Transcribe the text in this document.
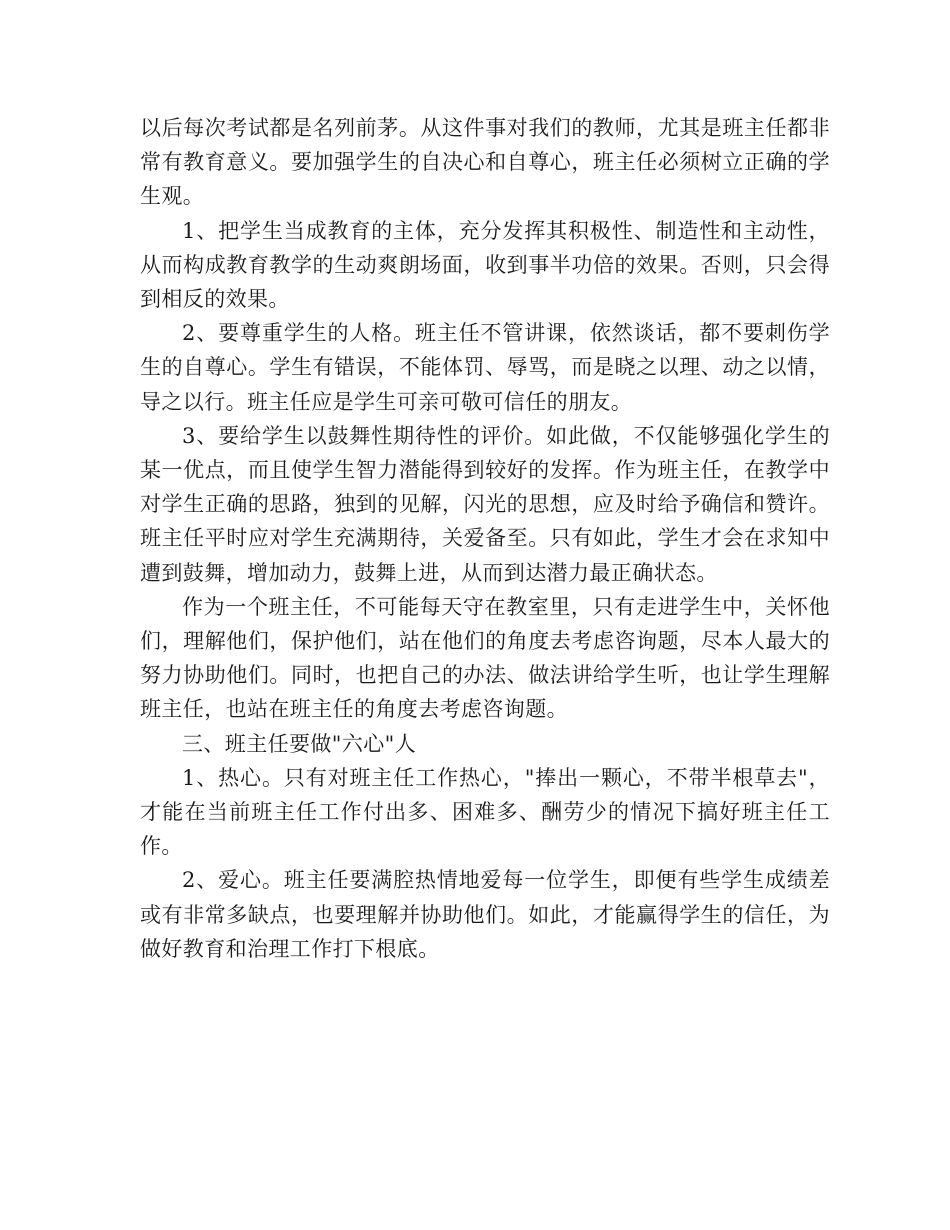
以后每次考试都是名列前茅。从这件事对我们的教师，尤其是班主任都非常有教育意义。要加强学生的自决心和自尊心，班主任必须树立正确的学生观。

1、把学生当成教育的主体，充分发挥其积极性、制造性和主动性，从而构成教育教学的生动爽朗场面，收到事半功倍的效果。否则，只会得到相反的效果。

2、要尊重学生的人格。班主任不管讲课，依然谈话，都不要刺伤学生的自尊心。学生有错误，不能体罚、辱骂，而是晓之以理、动之以情，导之以行。班主任应是学生可亲可敬可信任的朋友。

3、要给学生以鼓舞性期待性的评价。如此做，不仅能够强化学生的某一优点，而且使学生智力潜能得到较好的发挥。作为班主任，在教学中对学生正确的思路，独到的见解，闪光的思想，应及时给予确信和赞许。班主任平时应对学生充满期待，关爱备至。只有如此，学生才会在求知中遭到鼓舞，增加动力，鼓舞上进，从而到达潜力最正确状态。

作为一个班主任，不可能每天守在教室里，只有走进学生中，关怀他们，理解他们，保护他们，站在他们的角度去考虑咨询题，尽本人最大的努力协助他们。同时，也把自己的办法、做法讲给学生听，也让学生理解班主任，也站在班主任的角度去考虑咨询题。

三、班主任要做"六心"人

1、热心。只有对班主任工作热心，"捧出一颗心，不带半根草去"，才能在当前班主任工作付出多、困难多、酬劳少的情况下搞好班主任工作。

2、爱心。班主任要满腔热情地爱每一位学生，即便有些学生成绩差或有非常多缺点，也要理解并协助他们。如此，才能赢得学生的信任，为做好教育和治理工作打下根底。
